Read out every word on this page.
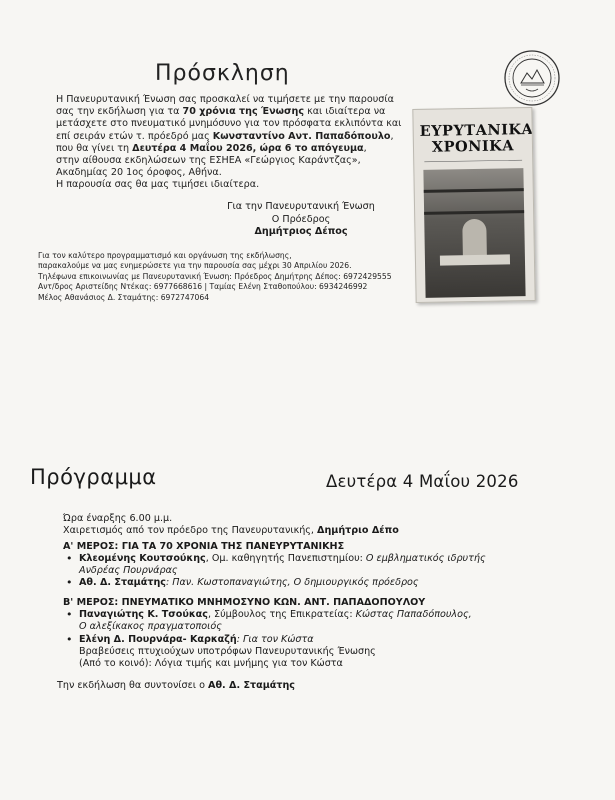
Πρόσκληση
Η Πανευρυτανική Ένωση σας προσκαλεί να τιμήσετε με την παρουσία
σας την εκδήλωση για τα 70 χρόνια της Ένωσης και ιδιαίτερα να
μετάσχετε στο πνευματικό μνημόσυνο για τον πρόσφατα εκλιπόντα και
επί σειράν ετών τ. πρόεδρό μας Κωνσταντίνο Αντ. Παπαδόπουλο,
που θα γίνει τη Δευτέρα 4 Μαΐου 2026, ώρα 6 το απόγευμα,
στην αίθουσα εκδηλώσεων της ΕΣΗΕΑ «Γεώργιος Καράντζας»,
Ακαδημίας 20 1ος όροφος, Αθήνα.
Η παρουσία σας θα μας τιμήσει ιδιαίτερα.
Για την Πανευρυτανική Ένωση
Ο Πρόεδρος
Δημήτριος Δέπος
Για τον καλύτερο προγραμματισμό και οργάνωση της εκδήλωσης,
παρακαλούμε να μας ενημερώσετε για την παρουσία σας μέχρι 30 Απριλίου 2026.
Τηλέφωνα επικοινωνίας με Πανευρυτανική Ένωση: Πρόεδρος Δημήτρης Δέπος: 6972429555
Αντ/δρος Αριστείδης Ντέκας: 6977668616 | Ταμίας Ελένη Σταθοπούλου: 6934246992
Μέλος Αθανάσιος Δ. Σταμάτης: 6972747064
ΕΥΡΥΤΑΝΙΚΑ
ΧΡΟΝΙΚΑ
Πρόγραμμα	Δευτέρα 4 Μαΐου 2026
Ώρα έναρξης 6.00 μ.μ.
Χαιρετισμός από τον πρόεδρο της Πανευρυτανικής, Δημήτριο Δέπο
Α' ΜΕΡΟΣ: ΓΙΑ ΤΑ 70 ΧΡΟΝΙΑ ΤΗΣ ΠΑΝΕΥΡΥΤΑΝΙΚΗΣ
• Κλεομένης Κουτσούκης, Ομ. καθηγητής Πανεπιστημίου: Ο εμβληματικός ιδρυτής
Ανδρέας Πουρνάρας
• Αθ. Δ. Σταμάτης: Παν. Κωστοπαναγιώτης, Ο δημιουργικός πρόεδρος
Β' ΜΕΡΟΣ: ΠΝΕΥΜΑΤΙΚΟ ΜΝΗΜΟΣΥΝΟ ΚΩΝ. ΑΝΤ. ΠΑΠΑΔΟΠΟΥΛΟΥ
• Παναγιώτης Κ. Τσούκας, Σύμβουλος της Επικρατείας: Κώστας Παπαδόπουλος,
Ο αλεξίκακος πραγματοποιός
• Ελένη Δ. Πουρνάρα- Καρκαζή: Για τον Κώστα
Βραβεύσεις πτυχιούχων υποτρόφων Πανευρυτανικής Ένωσης
(Από το κοινό): Λόγια τιμής και μνήμης για τον Κώστα
Την εκδήλωση θα συντονίσει ο Αθ. Δ. Σταμάτης
